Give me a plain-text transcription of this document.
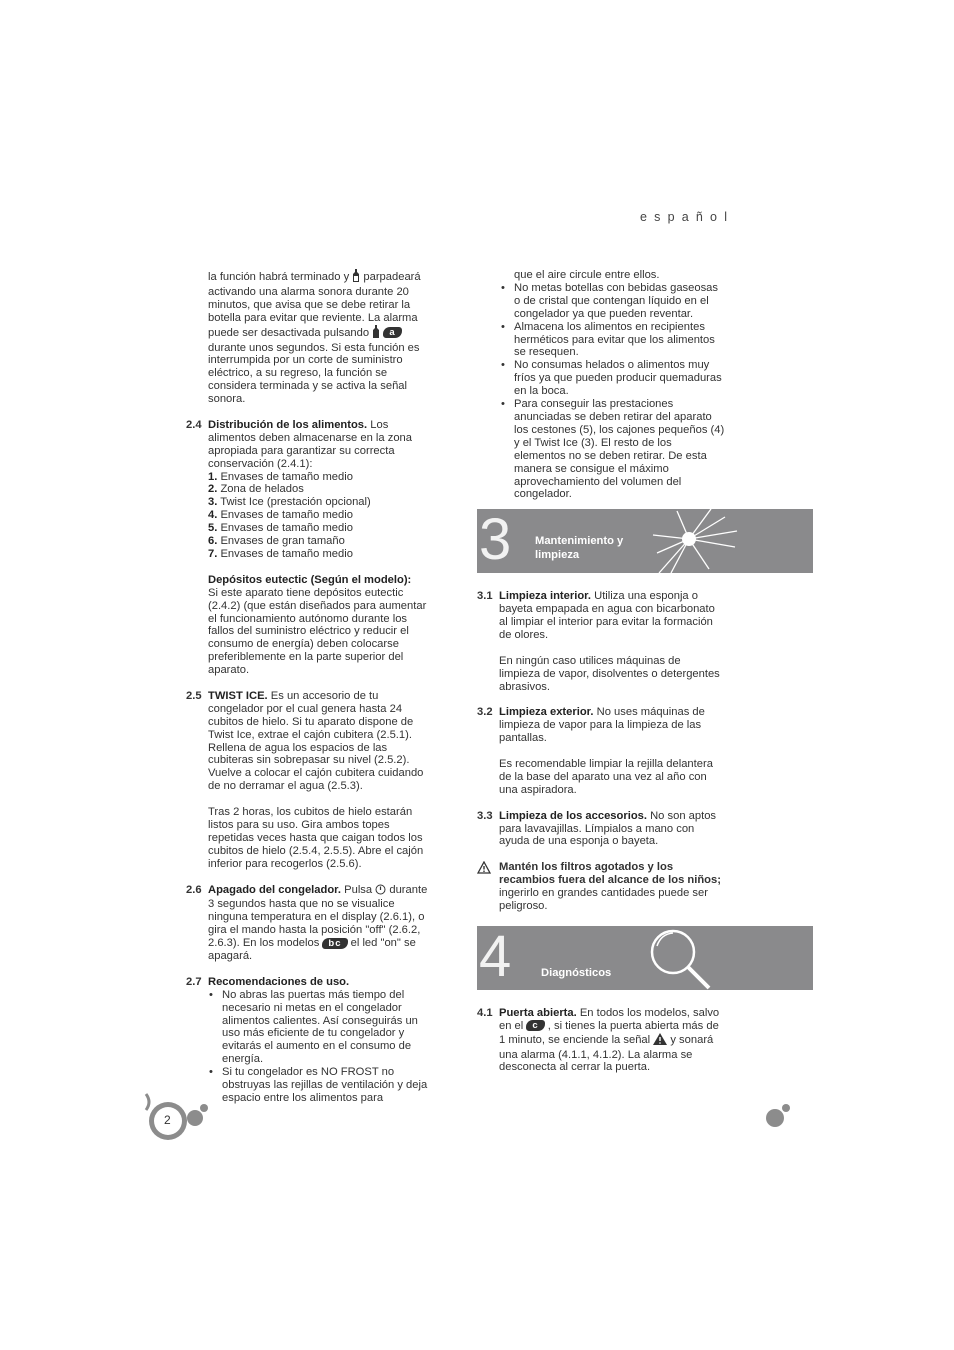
español
la función habrá terminado y  parpadeará activando una alarma sonora durante 20 minutos, que avisa que se debe retirar la botella para evitar que reviente. La alarma puede ser desactivada pulsando  a durante unos segundos. Si esta función es interrumpida por un corte de suministro eléctrico, a su regreso, la función se considera terminada y se activa la señal sonora.
2.4 Distribución de los alimentos. Los alimentos deben almacenarse en la zona apropiada para garantizar su correcta conservación (2.4.1):

1. Envases de tamaño medio
2. Zona de helados
3. Twist Ice (prestación opcional)
4. Envases de tamaño medio
5. Envases de tamaño medio
6. Envases de gran tamaño
7. Envases de tamaño medio

Depósitos eutectic (Según el modelo):

Si este aparato tiene depósitos eutectic (2.4.2) (que están diseñados para aumentar el funcionamiento autónomo durante los fallos del suministro eléctrico y reducir el consumo de energía) deben colocarse preferiblemente en la parte superior del aparato.

2.5 TWIST ICE. Es un accesorio de tu congelador por el cual genera hasta 24 cubitos de hielo. Si tu aparato dispone de Twist Ice, extrae el cajón cubitera (2.5.1). Rellena de agua los espacios de las cubiteras sin sobrepasar su nivel (2.5.2). Vuelve a colocar el cajón cubitera cuidando de no derramar el agua (2.5.3).

Tras 2 horas, los cubitos de hielo estarán listos para su uso. Gira ambos topes repetidas veces hasta que caigan todos los cubitos de hielo (2.5.4, 2.5.5). Abre el cajón inferior para recogerlos (2.5.6).

2.6 Apagado del congelador. Pulsa  durante 3 segundos hasta que no se visualice ninguna temperatura en el display (2.6.1), o gira el mando hasta la posición "off" (2.6.2, 2.6.3). En los modelos bc el led "on" se apagará.

2.7 Recomendaciones de uso.

• No abras las puertas más tiempo del necesario ni metas en el congelador alimentos calientes. Así conseguirás un uso más eficiente de tu congelador y evitarás el aumento en el consumo de energía.
• Si tu congelador es NO FROST no obstruyas las rejillas de ventilación y deja espacio entre los alimentos para

que el aire circule entre ellos.

• No metas botellas con bebidas gaseosas o de cristal que contengan líquido en el congelador ya que pueden reventar.
• Almacena los alimentos en recipientes herméticos para evitar que los alimentos se resequen.
• No consumas helados o alimentos muy fríos ya que pueden producir quemaduras en la boca.
• Para conseguir las prestaciones anunciadas se deben retirar del aparato los cestones (5), los cajones pequeños (4) y el Twist Ice (3). El resto de los elementos no se deben retirar. De esta manera se consigue el máximo aprovechamiento del volumen del congelador.
3 Mantenimiento y
limpieza
3.1 Limpieza interior. Utiliza una esponja o bayeta empapada en agua con bicarbonato al limpiar el interior para evitar la formación de olores.

En ningún caso utilices máquinas de limpieza de vapor, disolventes o detergentes abrasivos.

3.2 Limpieza exterior. No uses máquinas de limpieza de vapor para la limpieza de las pantallas.

Es recomendable limpiar la rejilla delantera de la base del aparato una vez al año con una aspiradora.

3.3 Limpieza de los accesorios. No son aptos para lavavajillas. Límpialos a mano con ayuda de una esponja o bayeta.

Mantén los filtros agotados y los recambios fuera del alcance de los niños; ingerirlo en grandes cantidades puede ser peligroso.

4	Diagnósticos
4.1 Puerta abierta. En todos los modelos, salvo en el c , si tienes la puerta abierta más de 1 minuto, se enciende la señal  y sonará una alarma (4.1.1, 4.1.2). La alarma se desconecta al cerrar la puerta.

2
